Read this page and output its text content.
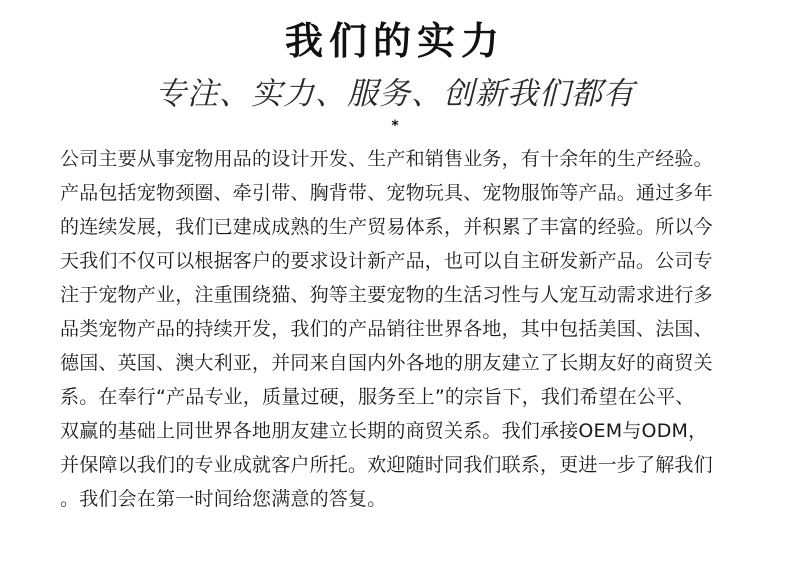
我们的实力
专注、实力、服务、创新我们都有
*
公司主要从事宠物用品的设计开发、生产和销售业务，有十余年的生产经验。
产品包括宠物颈圈、牵引带、胸背带、宠物玩具、宠物服饰等产品。通过多年
的连续发展，我们已建成成熟的生产贸易体系，并积累了丰富的经验。所以今
天我们不仅可以根据客户的要求设计新产品，也可以自主研发新产品。公司专
注于宠物产业，注重围绕猫、狗等主要宠物的生活习性与人宠互动需求进行多
品类宠物产品的持续开发，我们的产品销往世界各地，其中包括美国、法国、
德国、英国、澳大利亚，并同来自国内外各地的朋友建立了长期友好的商贸关
系。在奉行“产品专业，质量过硬，服务至上”的宗旨下，我们希望在公平、
双赢的基础上同世界各地朋友建立长期的商贸关系。我们承接OEM与ODM，
并保障以我们的专业成就客户所托。欢迎随时同我们联系，更进一步了解我们
。我们会在第一时间给您满意的答复。
